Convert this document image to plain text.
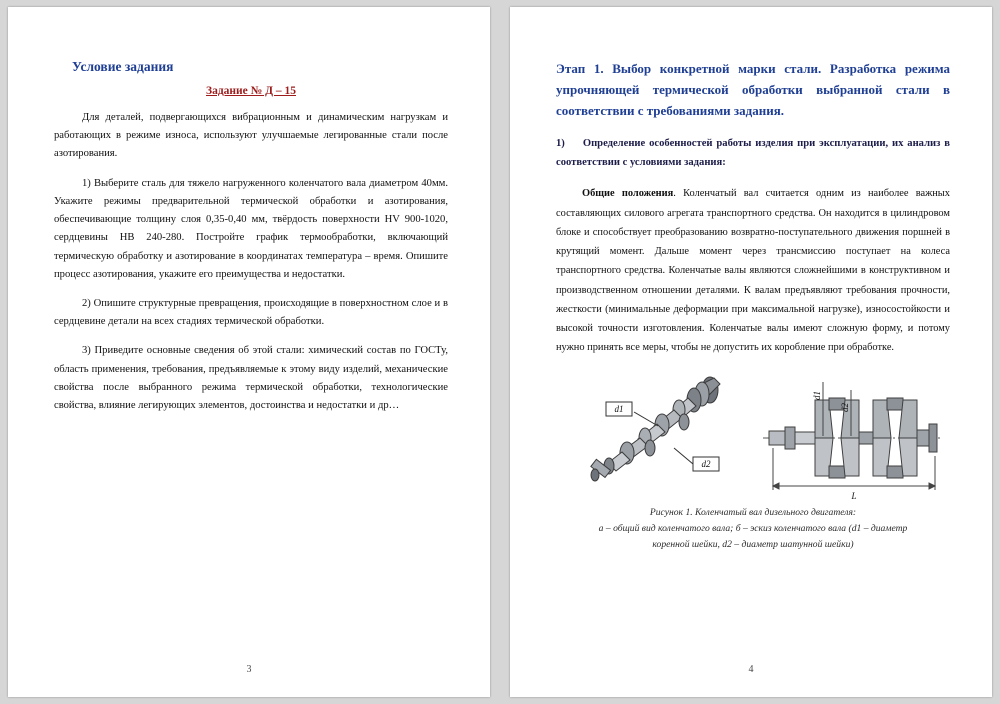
Условие задания
Задание № Д – 15

Для деталей, подвергающихся вибрационным и динамическим нагрузкам и работающих в режиме износа, используют улучшаемые легированные стали после азотирования.

1) Выберите сталь для тяжело нагруженного коленчатого вала диаметром 40мм. Укажите режимы предварительной термической обработки и азотирования, обеспечивающие толщину слоя 0,35-0,40 мм, твёрдость поверхности HV 900-1020, сердцевины HB 240-280. Постройте график термообработки, включающий термическую обработку и азотирование в координатах температура – время. Опишите процесс азотирования, укажите его преимущества и недостатки.

2) Опишите структурные превращения, происходящие в поверхностном слое и в сердцевине детали на всех стадиях термической обработки.

3) Приведите основные сведения об этой стали: химический состав по ГОСТу, область применения, требования, предъявляемые к этому виду изделий, механические свойства после выбранного режима термической обработки, технологические свойства, влияние легирующих элементов, достоинства и недостатки и др…

3
Этап 1. Выбор конкретной марки стали. Разработка режима упрочняющей термической обработки выбранной стали в соответствии с требованиями задания.
1) Определение особенностей работы изделия при эксплуатации, их анализ в соответствии с условиями задания:

Общие положения. Коленчатый вал считается одним из наиболее важных составляющих силового агрегата транспортного средства. Он находится в цилиндровом блоке и способствует преобразованию возвратно-поступательного движения поршней в крутящий момент. Дальше момент через трансмиссию поступает на колеса транспортного средства. Коленчатые валы являются сложнейшими в конструктивном и производственном отношении деталями. К валам предъявляют требования прочности, жесткости (минимальные деформации при максимальной нагрузке), износостойкости и высокой точности изготовления. Коленчатые валы имеют сложную форму, и потому нужно принять все меры, чтобы не допустить их коробление при обработке.

d1
d2
d1
d2
L
Рисунок 1. Коленчатый вал дизельного двигателя:
а – общий вид коленчатого вала; б – эскиз коленчатого вала (d1 – диаметр
коренной шейки, d2 – диаметр шатунной шейки)
4
